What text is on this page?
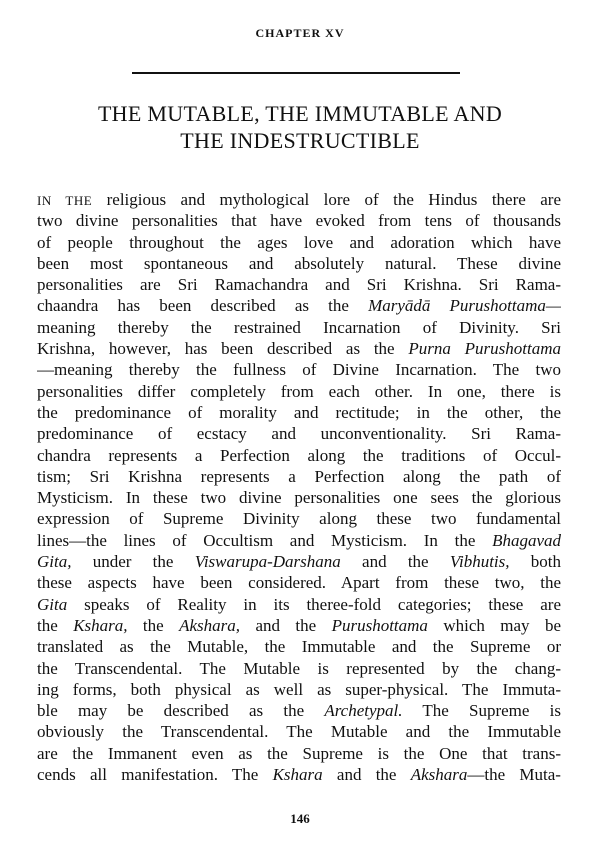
CHAPTER XV
THE MUTABLE, THE IMMUTABLE AND
THE INDESTRUCTIBLE
IN THE religious and mythological lore of the Hindus there are
two divine personalities that have evoked from tens of thousands
of people throughout the ages love and adoration which have
been most spontaneous and absolutely natural. These divine
personalities are Sri Ramachandra and Sri Krishna. Sri Rama-
chaandra has been described as the Maryādā Purushottama—
meaning thereby the restrained Incarnation of Divinity. Sri
Krishna, however, has been described as the Purna Purushottama
—meaning thereby the fullness of Divine Incarnation. The two
personalities differ completely from each other. In one, there is
the predominance of morality and rectitude; in the other, the
predominance of ecstacy and unconventionality. Sri Rama-
chandra represents a Perfection along the traditions of Occul-
tism; Sri Krishna represents a Perfection along the path of
Mysticism. In these two divine personalities one sees the glorious
expression of Supreme Divinity along these two fundamental
lines—the lines of Occultism and Mysticism. In the Bhagavad
Gita, under the Viswarupa-Darshana and the Vibhutis, both
these aspects have been considered. Apart from these two, the
Gita speaks of Reality in its theree-fold categories; these are
the Kshara, the Akshara, and the Purushottama which may be
translated as the Mutable, the Immutable and the Supreme or
the Transcendental. The Mutable is represented by the chang-
ing forms, both physical as well as super-physical. The Immuta-
ble may be described as the Archetypal. The Supreme is
obviously the Transcendental. The Mutable and the Immutable
are the Immanent even as the Supreme is the One that trans-
cends all manifestation. The Kshara and the Akshara—the Muta-
146
